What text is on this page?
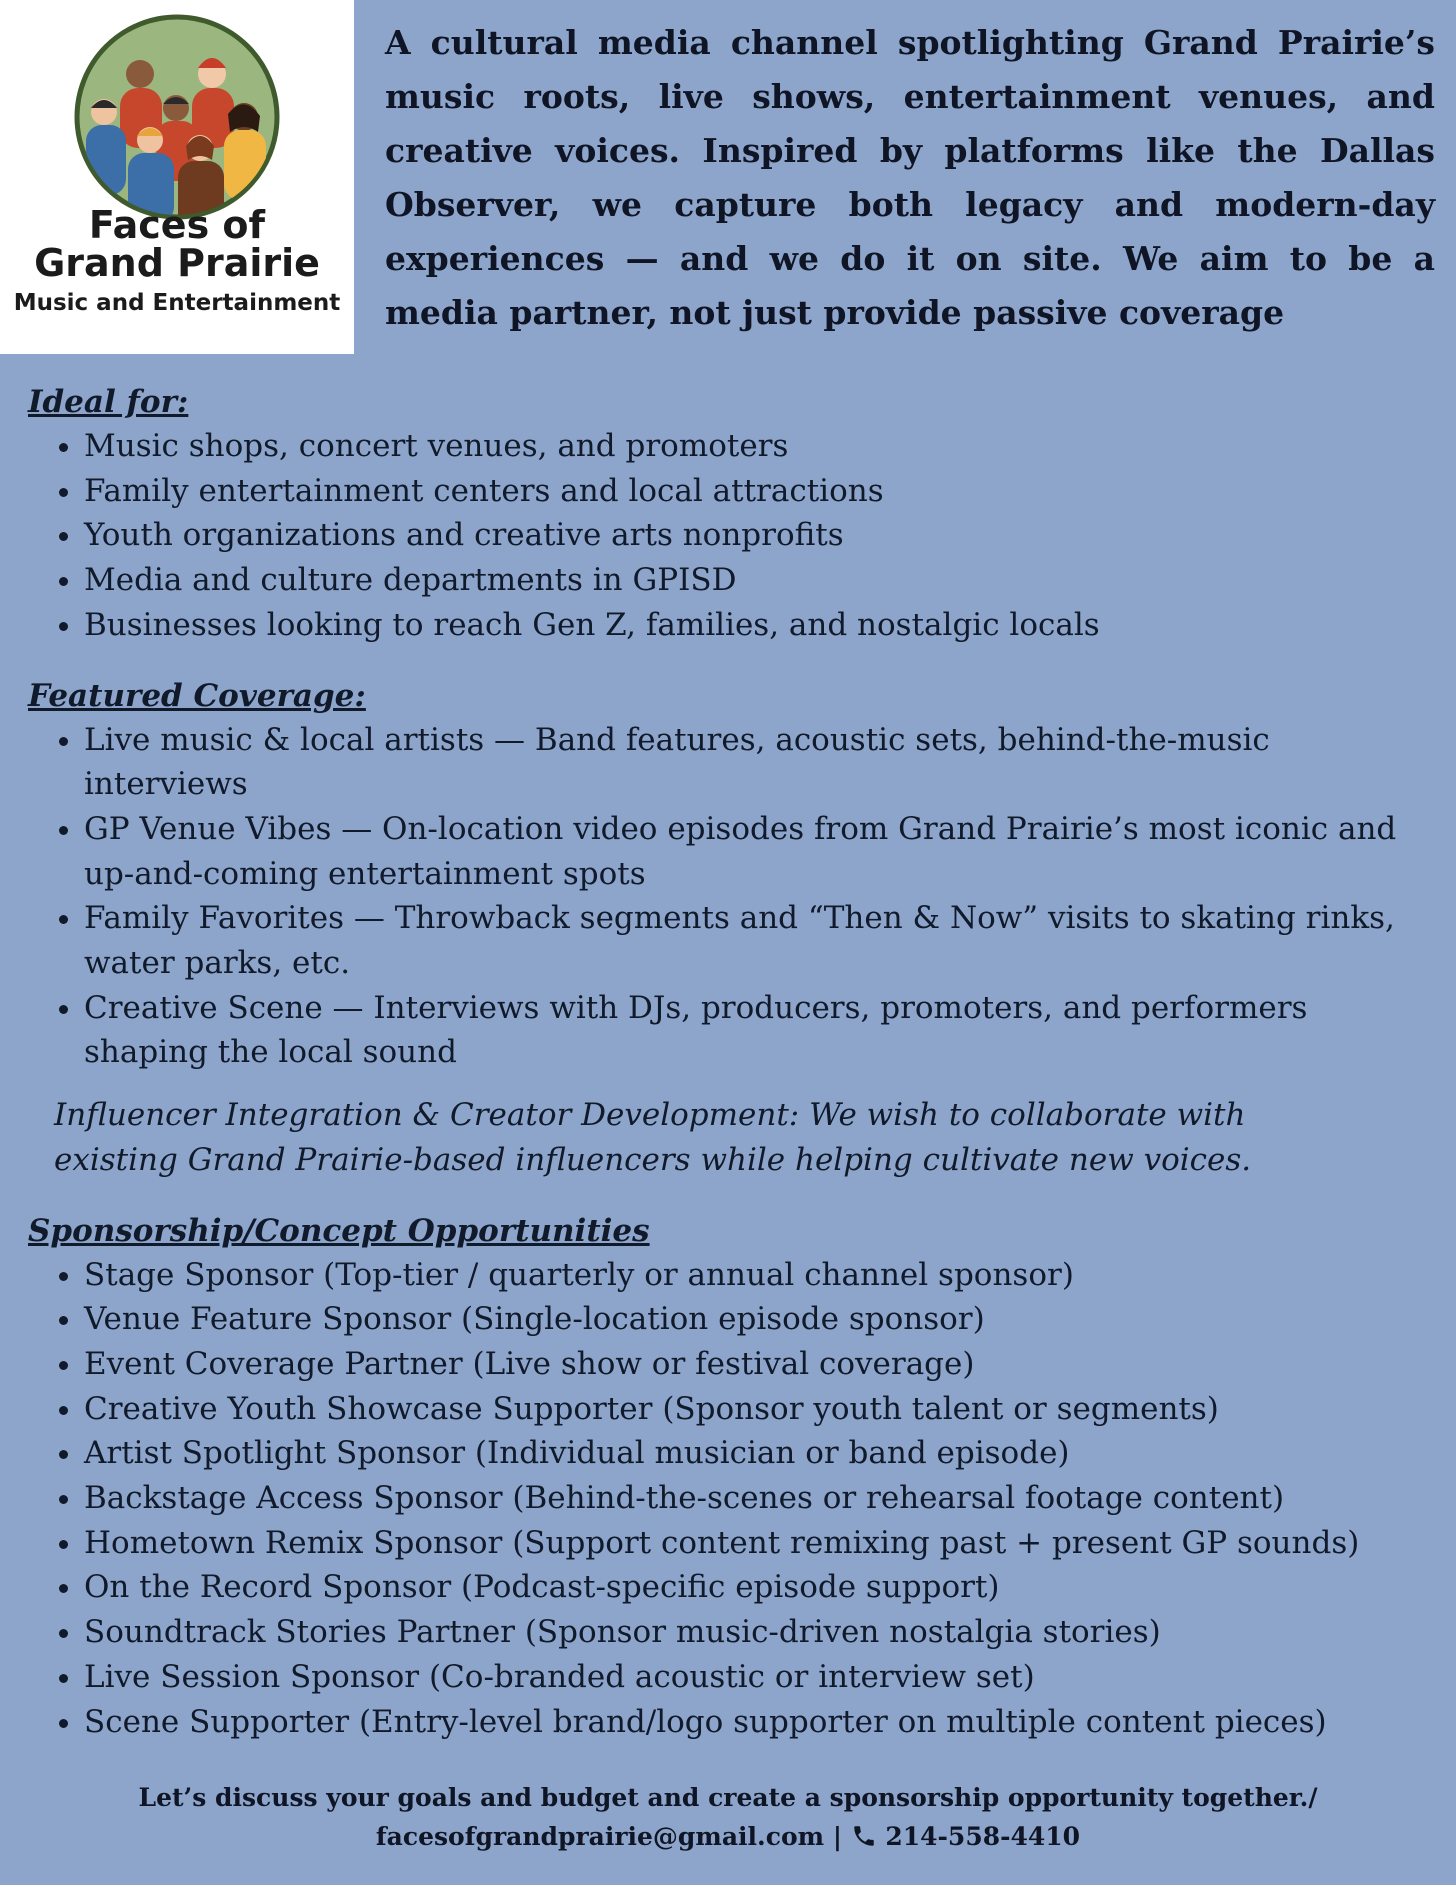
Faces of
Grand Prairie
Music and Entertainment

A cultural media channel spotlighting Grand Prairie’s music roots, live shows, entertainment venues, and creative voices. Inspired by platforms like the Dallas Observer, we capture both legacy and modern-day experiences — and we do it on site. We aim to be a media partner, not just provide passive coverage

Ideal for:
• Music shops, concert venues, and promoters
• Family entertainment centers and local attractions
• Youth organizations and creative arts nonprofits
• Media and culture departments in GPISD
• Businesses looking to reach Gen Z, families, and nostalgic locals
Featured Coverage:
• Live music & local artists — Band features, acoustic sets, behind-the-music interviews
• GP Venue Vibes — On-location video episodes from Grand Prairie’s most iconic and up-and-coming entertainment spots
• Family Favorites — Throwback segments and “Then & Now” visits to skating rinks, water parks, etc.
• Creative Scene — Interviews with DJs, producers, promoters, and performers shaping the local sound

Influencer Integration & Creator Development: We wish to collaborate with existing Grand Prairie-based influencers while helping cultivate new voices.

Sponsorship/Concept Opportunities
• Stage Sponsor (Top-tier / quarterly or annual channel sponsor)
• Venue Feature Sponsor (Single-location episode sponsor)
• Event Coverage Partner (Live show or festival coverage)
• Creative Youth Showcase Supporter (Sponsor youth talent or segments)
• Artist Spotlight Sponsor (Individual musician or band episode)
• Backstage Access Sponsor (Behind-the-scenes or rehearsal footage content)
• Hometown Remix Sponsor (Support content remixing past + present GP sounds)
• On the Record Sponsor (Podcast-specific episode support)
• Soundtrack Stories Partner (Sponsor music-driven nostalgia stories)
• Live Session Sponsor (Co-branded acoustic or interview set)
• Scene Supporter (Entry-level brand/logo supporter on multiple content pieces)
Let’s discuss your goals and budget and create a sponsorship opportunity together./
facesofgrandprairie@gmail.com | 214-558-4410
